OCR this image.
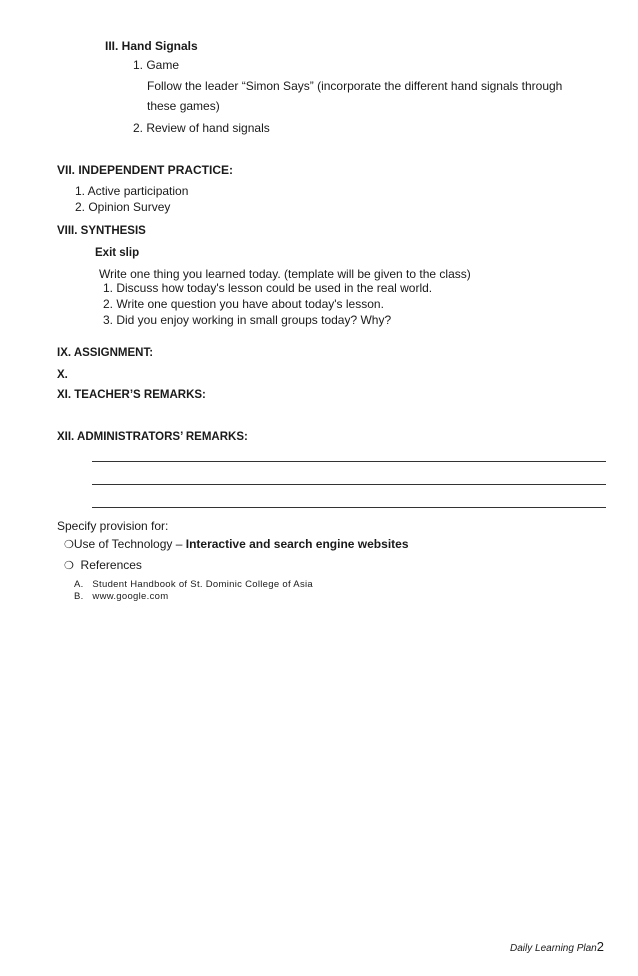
III. Hand Signals
1. Game
Follow the leader “Simon Says” (incorporate the different hand signals through
these games)
2. Review of hand signals
VII. INDEPENDENT PRACTICE:
1. Active participation
2. Opinion Survey
VIII. SYNTHESIS
Exit slip
Write one thing you learned today. (template will be given to the class)
1. Discuss how today's lesson could be used in the real world.
2. Write one question you have about today's lesson.
3. Did you enjoy working in small groups today? Why?
IX. ASSIGNMENT:
X.
XI. TEACHER’S REMARKS:
XII. ADMINISTRATORS’ REMARKS:
Specify provision for:
❍Use of Technology – Interactive and search engine websites
❍ References
A. Student Handbook of St. Dominic College of Asia
B. www.google.com
Daily Learning Plan2
